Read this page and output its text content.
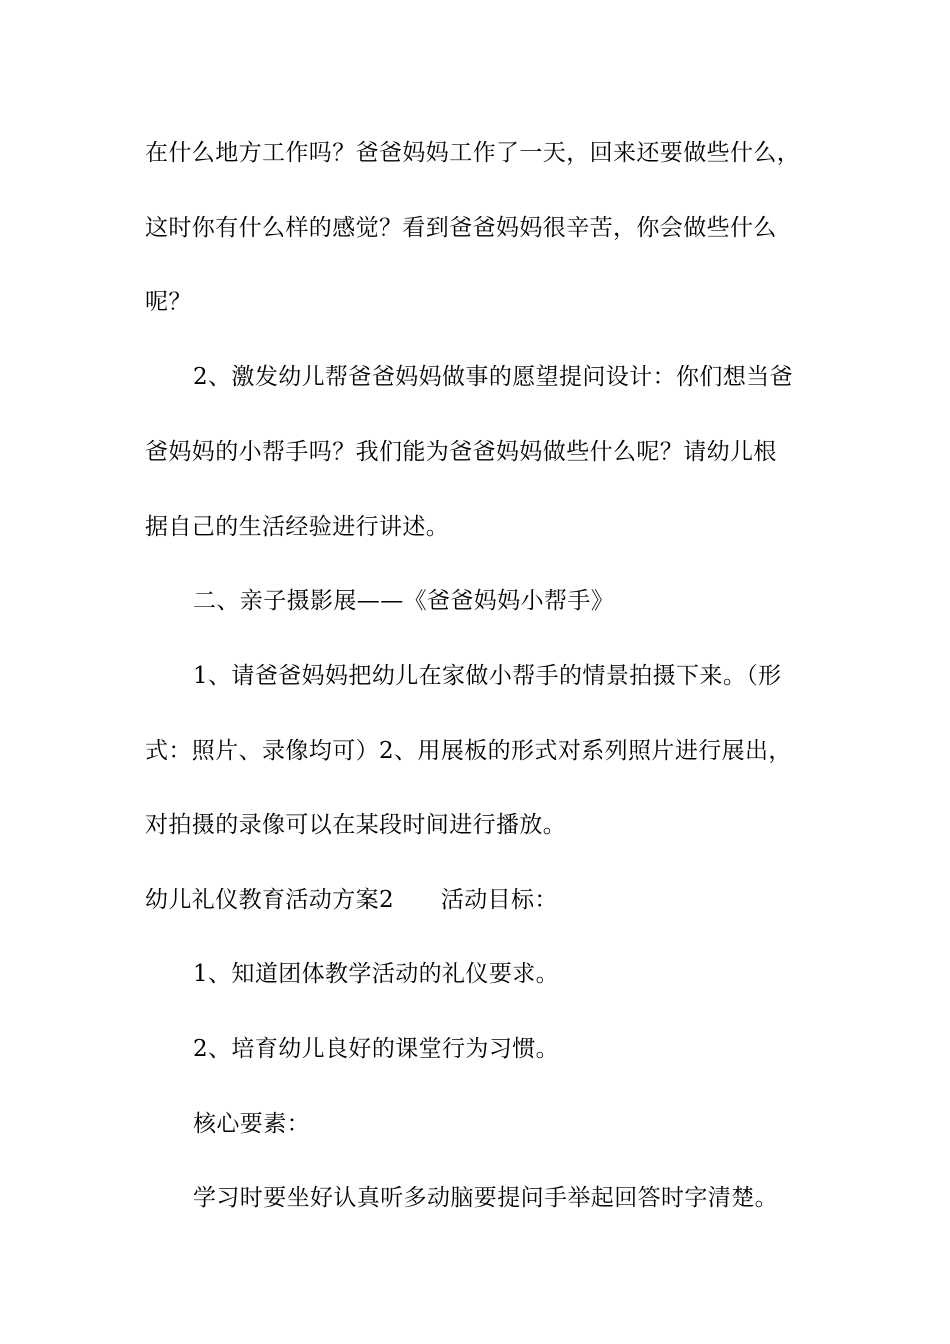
在什么地方工作吗？爸爸妈妈工作了一天，回来还要做些什么，
这时你有什么样的感觉？看到爸爸妈妈很辛苦，你会做些什么
呢？
2、激发幼儿帮爸爸妈妈做事的愿望提问设计：你们想当爸
爸妈妈的小帮手吗？我们能为爸爸妈妈做些什么呢？请幼儿根
据自己的生活经验进行讲述。
二、亲子摄影展——《爸爸妈妈小帮手》
1、请爸爸妈妈把幼儿在家做小帮手的情景拍摄下来。（形
式：照片、录像均可）2、用展板的形式对系列照片进行展出，
对拍摄的录像可以在某段时间进行播放。
幼儿礼仪教育活动方案2　　活动目标：
1、知道团体教学活动的礼仪要求。
2、培育幼儿良好的课堂行为习惯。
核心要素：
学习时要坐好认真听多动脑要提问手举起回答时字清楚。
